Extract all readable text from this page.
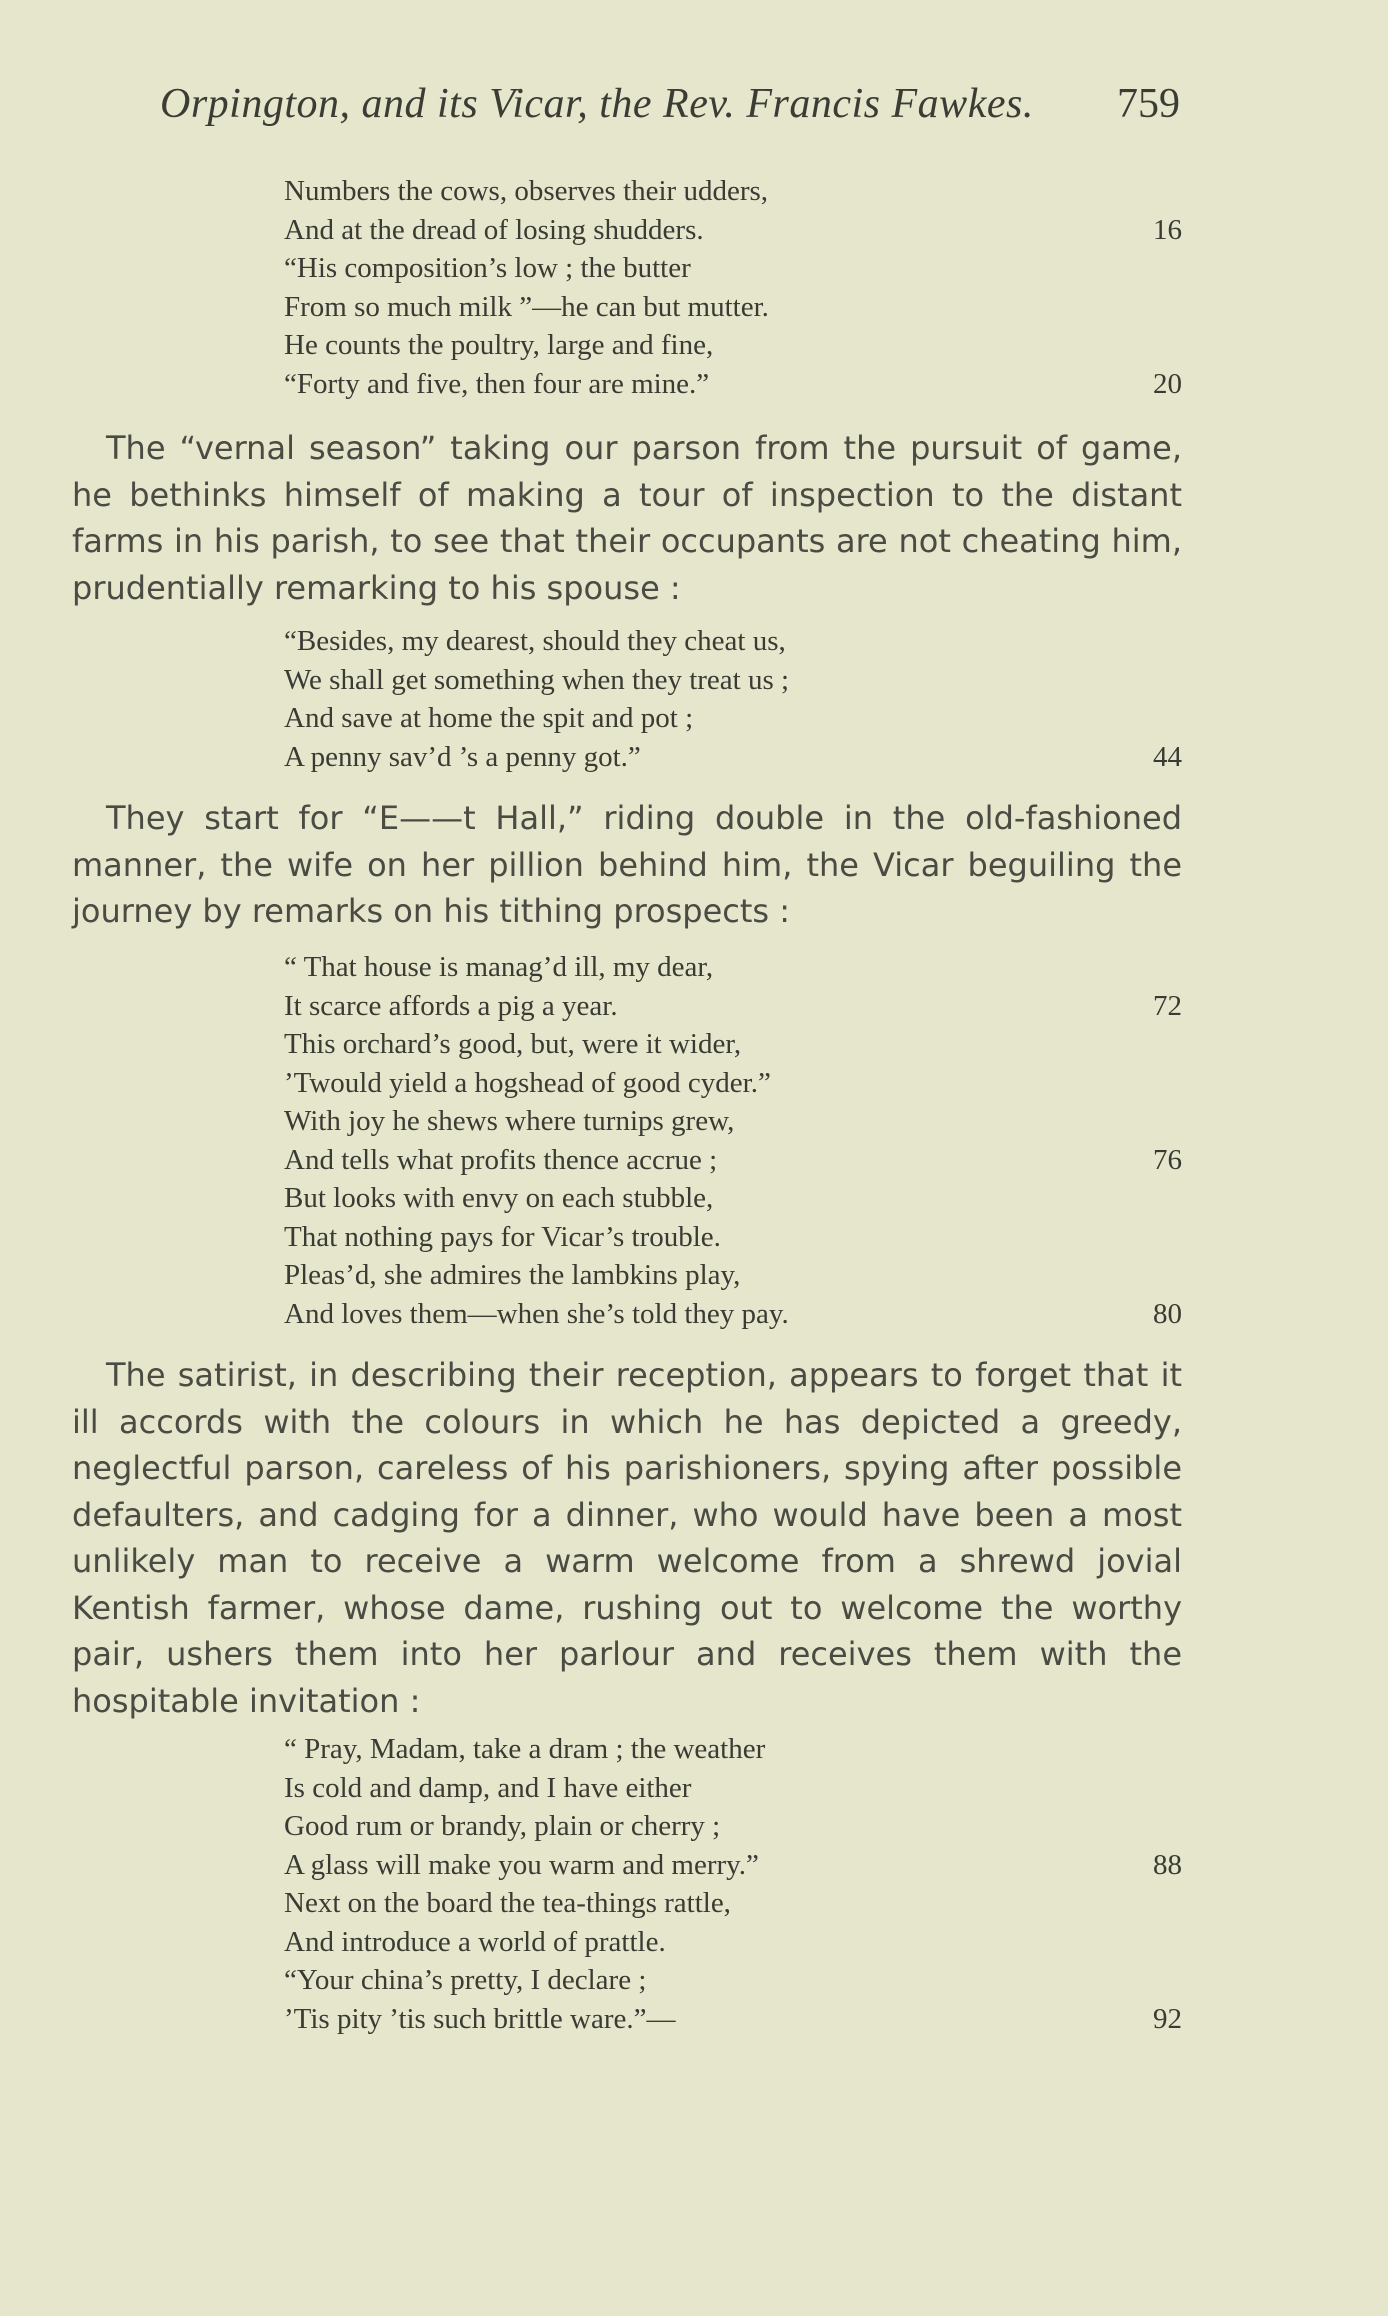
Orpington, and its Vicar, the Rev. Francis Fawkes. 759
Numbers the cows, observes their udders,
And at the dread of losing shudders.	16
“His composition’s low ; the butter
From so much milk ”—he can but mutter.
He counts the poultry, large and fine,
“Forty and five, then four are mine.”	20

The “vernal season” taking our parson from the pursuit of game, he bethinks himself of making a tour of inspection to the distant farms in his parish, to see that their occupants are not cheating him, prudentially remarking to his spouse :

“Besides, my dearest, should they cheat us,
We shall get something when they treat us ;
And save at home the spit and pot ;
A penny sav’d ’s a penny got.”	44

They start for “E——t Hall,” riding double in the old-fashioned manner, the wife on her pillion behind him, the Vicar beguiling the journey by remarks on his tithing prospects :

“ That house is manag’d ill, my dear,
It scarce affords a pig a year.	72
This orchard’s good, but, were it wider,
’Twould yield a hogshead of good cyder.”
With joy he shews where turnips grew,
And tells what profits thence accrue ;	76
But looks with envy on each stubble,
That nothing pays for Vicar’s trouble.
Pleas’d, she admires the lambkins play,
And loves them—when she’s told they pay.	80

The satirist, in describing their reception, appears to forget that it ill accords with the colours in which he has depicted a greedy, neglectful parson, careless of his parishioners, spying after possible defaulters, and cadging for a dinner, who would have been a most unlikely man to receive a warm welcome from a shrewd jovial Kentish farmer, whose dame, rushing out to welcome the worthy pair, ushers them into her parlour and receives them with the hospitable invitation :

“ Pray, Madam, take a dram ; the weather
Is cold and damp, and I have either
Good rum or brandy, plain or cherry ;
A glass will make you warm and merry.”	88
Next on the board the tea-things rattle,
And introduce a world of prattle.
“Your china’s pretty, I declare ;
’Tis pity ’tis such brittle ware.”—	92
